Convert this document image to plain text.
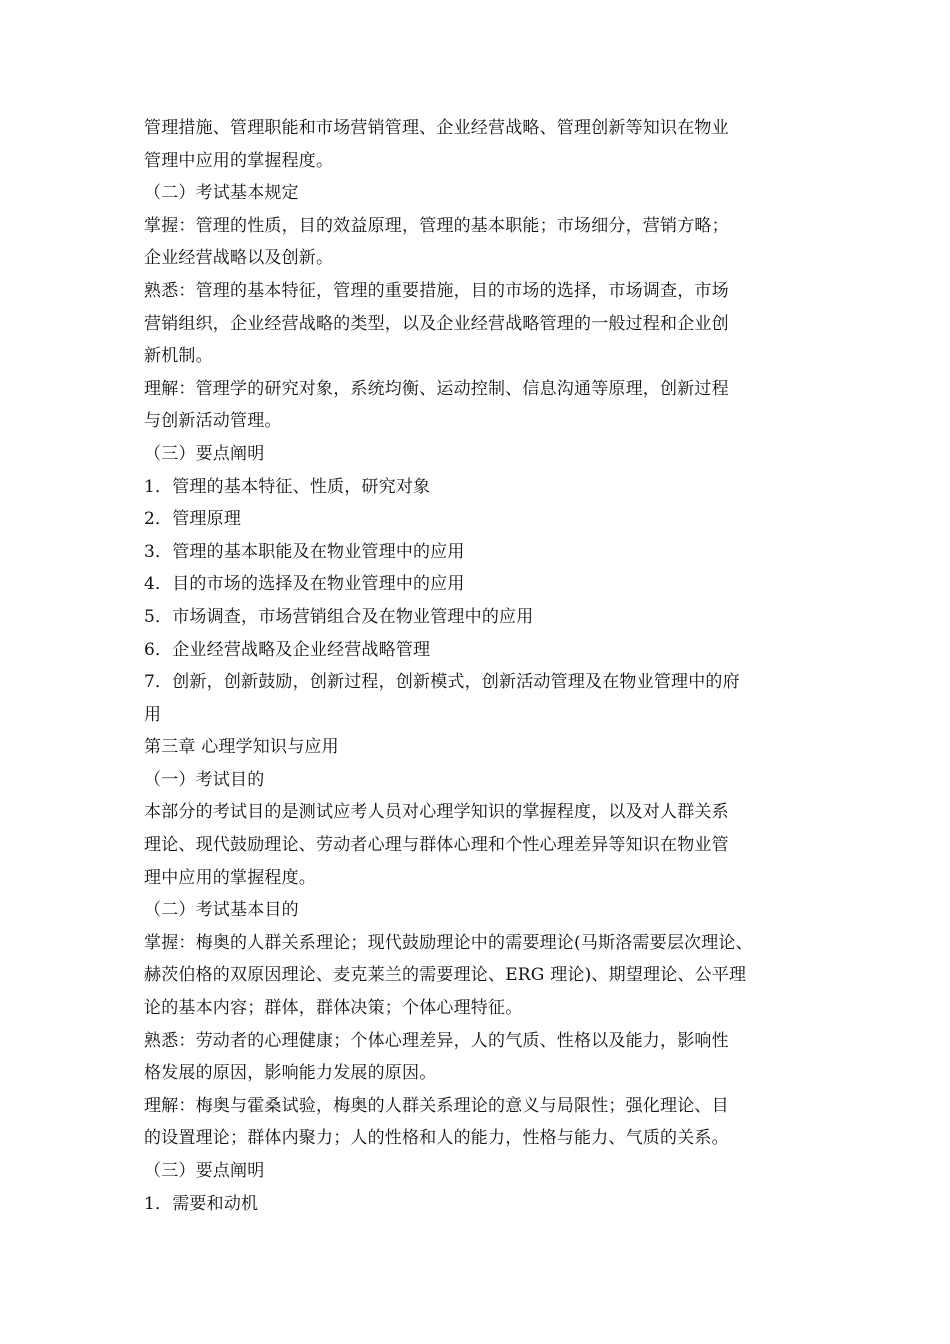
管理措施、管理职能和市场营销管理、企业经营战略、管理创新等知识在物业
管理中应用的掌握程度。
（二）考试基本规定
掌握：管理的性质，目的效益原理，管理的基本职能；市场细分，营销方略；
企业经营战略以及创新。
熟悉：管理的基本特征，管理的重要措施，目的市场的选择，市场调查，市场
营销组织，企业经营战略的类型，以及企业经营战略管理的一般过程和企业创
新机制。
理解：管理学的研究对象，系统均衡、运动控制、信息沟通等原理，创新过程
与创新活动管理。
（三）要点阐明
1．管理的基本特征、性质，研究对象
2．管理原理
3．管理的基本职能及在物业管理中的应用
4．目的市场的选择及在物业管理中的应用
5．市场调查，市场营销组合及在物业管理中的应用
6．企业经营战略及企业经营战略管理
7．创新，创新鼓励，创新过程，创新模式，创新活动管理及在物业管理中的府
用
第三章 心理学知识与应用
（一）考试目的
本部分的考试目的是测试应考人员对心理学知识的掌握程度，以及对人群关系
理论、现代鼓励理论、劳动者心理与群体心理和个性心理差异等知识在物业管
理中应用的掌握程度。
（二）考试基本目的
掌握：梅奥的人群关系理论；现代鼓励理论中的需要理论(马斯洛需要层次理论、
赫茨伯格的双原因理论、麦克莱兰的需要理论、ERG 理论)、期望理论、公平理
论的基本内容；群体，群体决策；个体心理特征。
熟悉：劳动者的心理健康；个体心理差异，人的气质、性格以及能力，影响性
格发展的原因，影响能力发展的原因。
理解：梅奥与霍桑试验，梅奥的人群关系理论的意义与局限性；强化理论、目
的设置理论；群体内聚力；人的性格和人的能力，性格与能力、气质的关系。
（三）要点阐明
1．需要和动机
